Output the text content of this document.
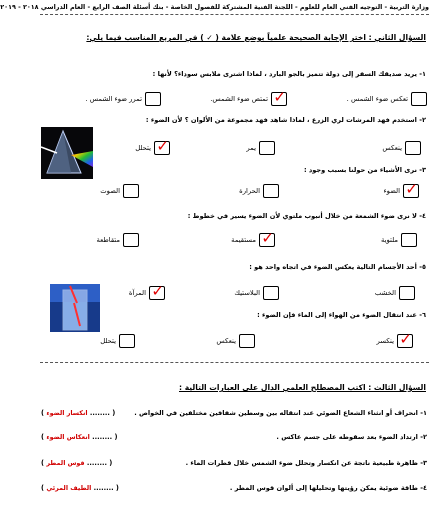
وزارة التربية - التوجيه الفني العام للعلوم - اللجنة الفنية المشتركة للفصول الخاصة - بنك أسئلة الصف الرابع - العام الدراسي ٢٠١٨ - ٢٠١٩
السؤال الثاني : اختر الإجابة الصحيحة علمياً بوضع علامة ( ✓ ) في المربع المناسب فيما يلي:
١- يريد صديقك السفر إلى دولة تتميز بالجو البارد ، لماذا اشترى ملابس سوداء؟ لأنها :
تعكس ضوء الشمس .
✓
تمتص ضوء الشمس.
تمرر ضوء الشمس .
٢- استخدم فهد المرشات لري الزرع ، لماذا شاهد فهد مجموعة من الألوان ؟ لأن الضوء :
ينعكس
يمر
✓
يتحلل
٣- نرى الأشياء من حولنا بسبب وجود :
✓
الضوء
الحرارة
الصوت
٤- لا نرى ضوء الشمعة من خلال أنبوب ملتوي لأن الضوء يسير في خطوط :
ملتوية
✓
مستقيمة
متقاطعة
٥- أحد الأجسام التالية يعكس الضوء في اتجاه واحد هو :
الخشب
البلاستيك
✓
المرآة
٦- عند انتقال الضوء من الهواء إلى الماء فإن الضوء :
✓
ينكسر
ينعكس
يتحلل
السؤال الثالث : اكتب المصطلح العلمي الدال على العبارات التالية :
١- انحراف أو انثناء الشعاع الضوئي عند انتقاله بين وسطين شفافين مختلفين في الخواص .
( ........ انكسار الضوء )
٢- ارتداد الضوء بعد سقوطه على جسم عاكس .
( ........ انعكاس الضوء )
٣- ظاهرة طبيعية ناتجة عن انكسار وتحلل ضوء الشمس خلال قطرات الماء .
( ........ قوس المطر )
٤- طاقة ضوئية يمكن رؤيتها وتحليلها إلى ألوان قوس المطر .
( ........ الطيف المرئي )
